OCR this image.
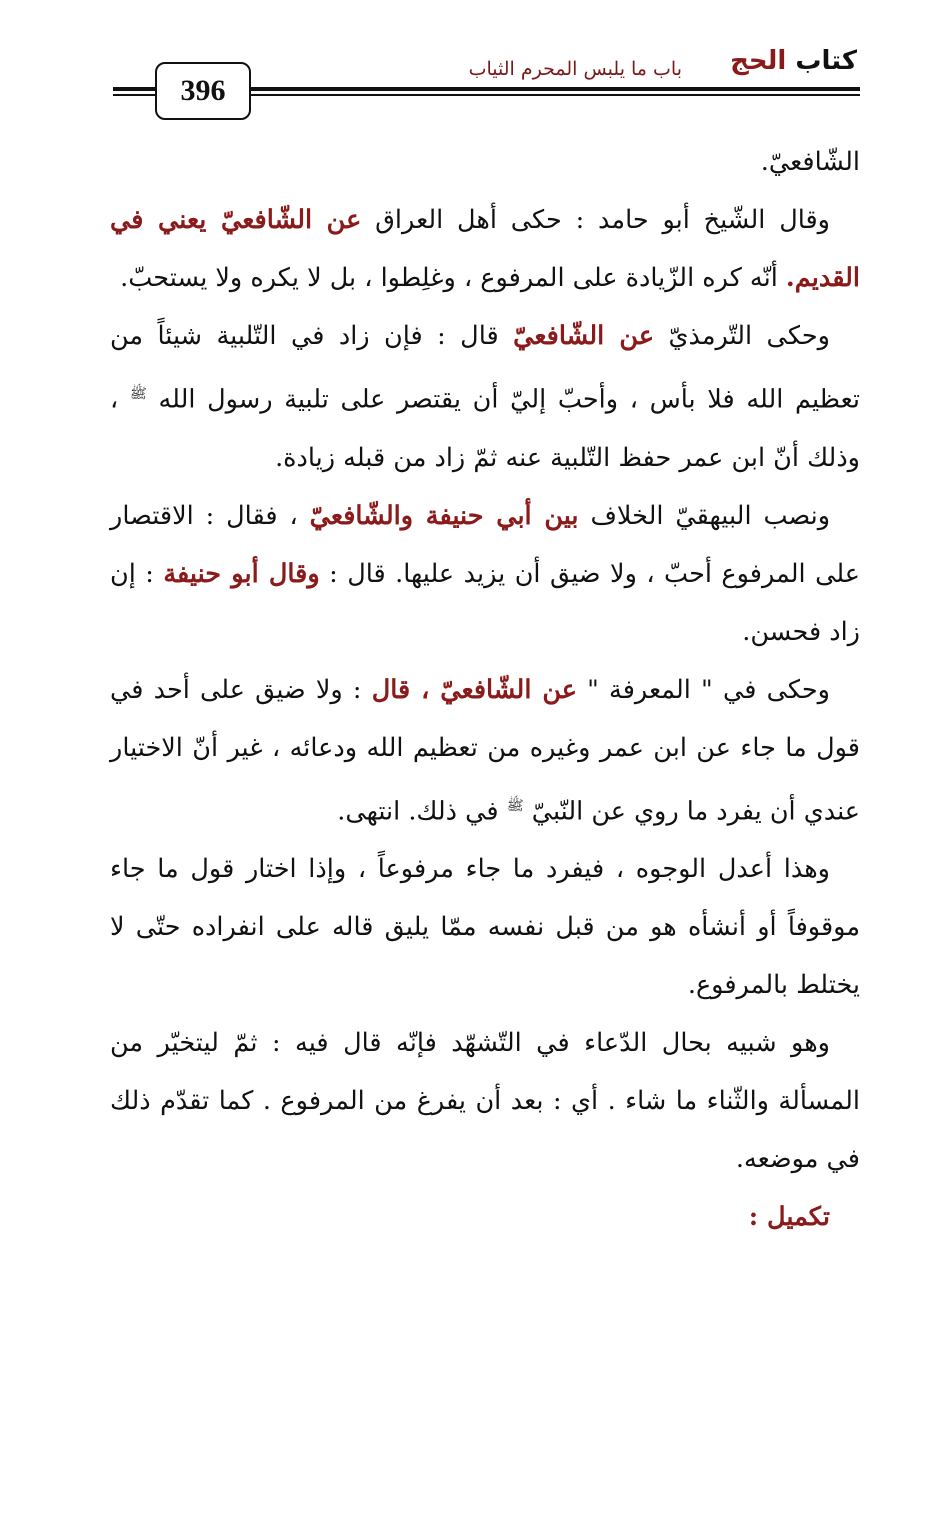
396
كتاب الحج
باب ما يلبس المحرم الثياب

الشّافعيّ.

وقال الشّيخ أبو حامد : حكى أهل العراق عن الشّافعيّ يعني في القديم. أنّه كره الزّيادة على المرفوع ، وغلِطوا ، بل لا يكره ولا يستحبّ.

وحكى التّرمذيّ عن الشّافعيّ قال : فإن زاد في التّلبية شيئاً من تعظيم الله فلا بأس ، وأحبّ إليّ أن يقتصر على تلبية رسول الله $^ﷺ$ ، وذلك أنّ ابن عمر حفظ التّلبية عنه ثمّ زاد من قبله زيادة.

ونصب البيهقيّ الخلاف بين أبي حنيفة والشّافعيّ ، فقال : الاقتصار على المرفوع أحبّ ، ولا ضيق أن يزيد عليها. قال : وقال أبو حنيفة : إن زاد فحسن.

وحكى في " المعرفة " عن الشّافعيّ ، قال : ولا ضيق على أحد في قول ما جاء عن ابن عمر وغيره من تعظيم الله ودعائه ، غير أنّ الاختيار عندي أن يفرد ما روي عن النّبيّ $^ﷺ$ في ذلك. انتهى.

وهذا أعدل الوجوه ، فيفرد ما جاء مرفوعاً ، وإذا اختار قول ما جاء موقوفاً أو أنشأه هو من قبل نفسه ممّا يليق قاله على انفراده حتّى لا يختلط بالمرفوع.

وهو شبيه بحال الدّعاء في التّشهّد فإنّه قال فيه : ثمّ ليتخيّر من المسألة والثّناء ما شاء . أي : بعد أن يفرغ من المرفوع . كما تقدّم ذلك في موضعه.

تكميل :
